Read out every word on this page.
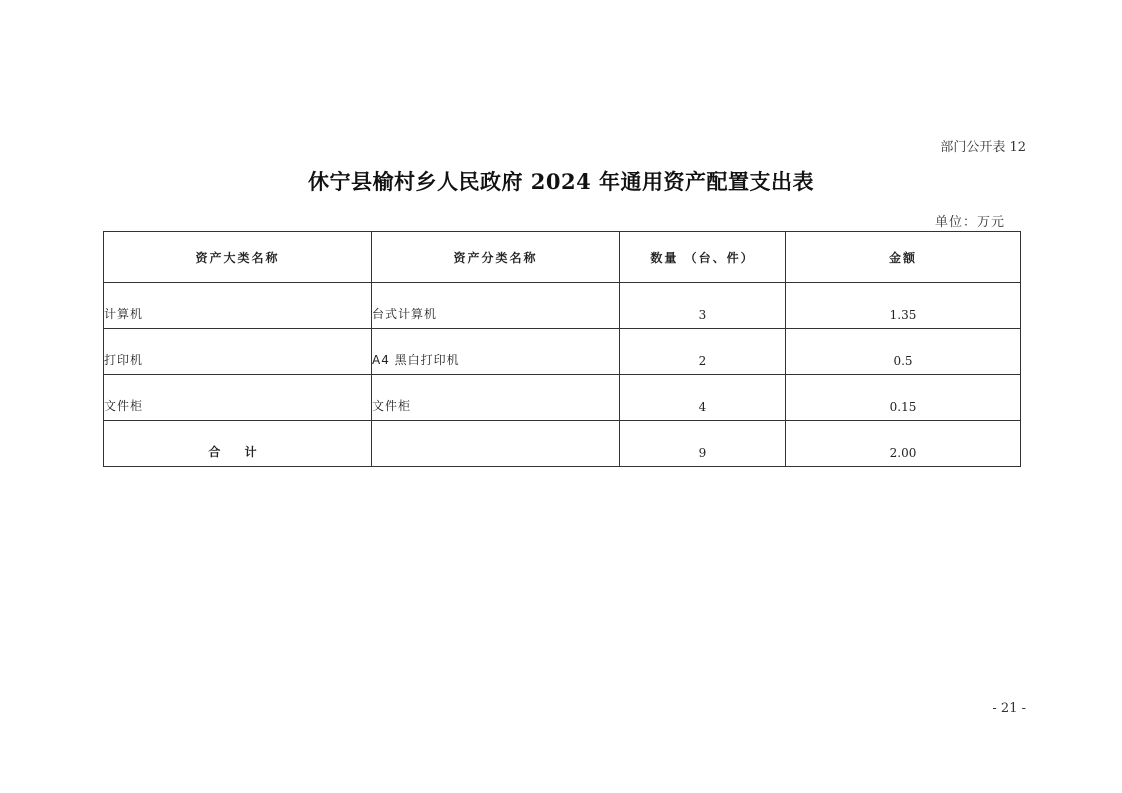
部门公开表 12
休宁县榆村乡人民政府 2024 年通用资产配置支出表
单位：万元
资产大类名称	资产分类名称	数量 （台、件）	金额
计算机	台式计算机	3	1.35
打印机	A4 黑白打印机	2	0.5
文件柜	文件柜	4	0.15
合 计		9	2.00
- 21 -
